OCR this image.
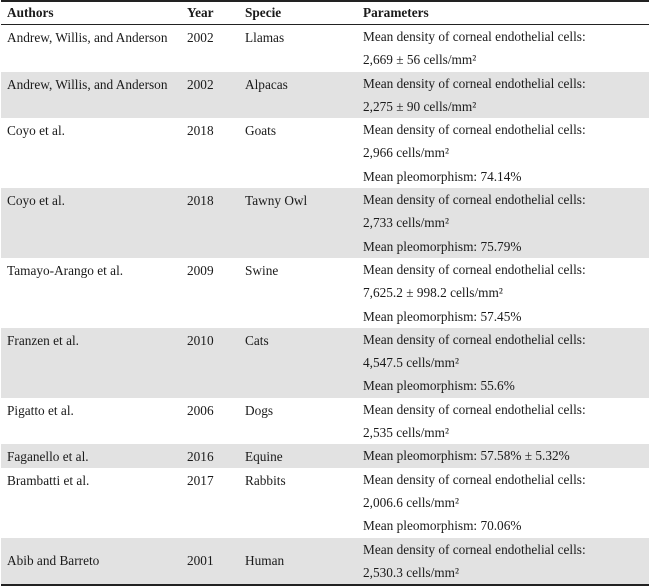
Authors	Year	Specie	Parameters
Andrew, Willis, and Anderson	2002	Llamas	Mean density of corneal endothelial cells:
2,669 ± 56 cells/mm²
Andrew, Willis, and Anderson	2002	Alpacas	Mean density of corneal endothelial cells:
2,275 ± 90 cells/mm²
Coyo et al.	2018	Goats	Mean density of corneal endothelial cells:
2,966 cells/mm²
Mean pleomorphism: 74.14%
Coyo et al.	2018	Tawny Owl	Mean density of corneal endothelial cells:
2,733 cells/mm²
Mean pleomorphism: 75.79%
Tamayo-Arango et al.	2009	Swine	Mean density of corneal endothelial cells:
7,625.2 ± 998.2 cells/mm²
Mean pleomorphism: 57.45%
Franzen et al.	2010	Cats	Mean density of corneal endothelial cells:
4,547.5 cells/mm²
Mean pleomorphism: 55.6%
Pigatto et al.	2006	Dogs	Mean density of corneal endothelial cells:
2,535 cells/mm²
Faganello et al.	2016	Equine	Mean pleomorphism: 57.58% ± 5.32%
Brambatti et al.	2017	Rabbits	Mean density of corneal endothelial cells:
2,006.6 cells/mm²
Mean pleomorphism: 70.06%
Abib and Barreto	2001	Human
Mean density of corneal endothelial cells:
2,530.3 cells/mm²
